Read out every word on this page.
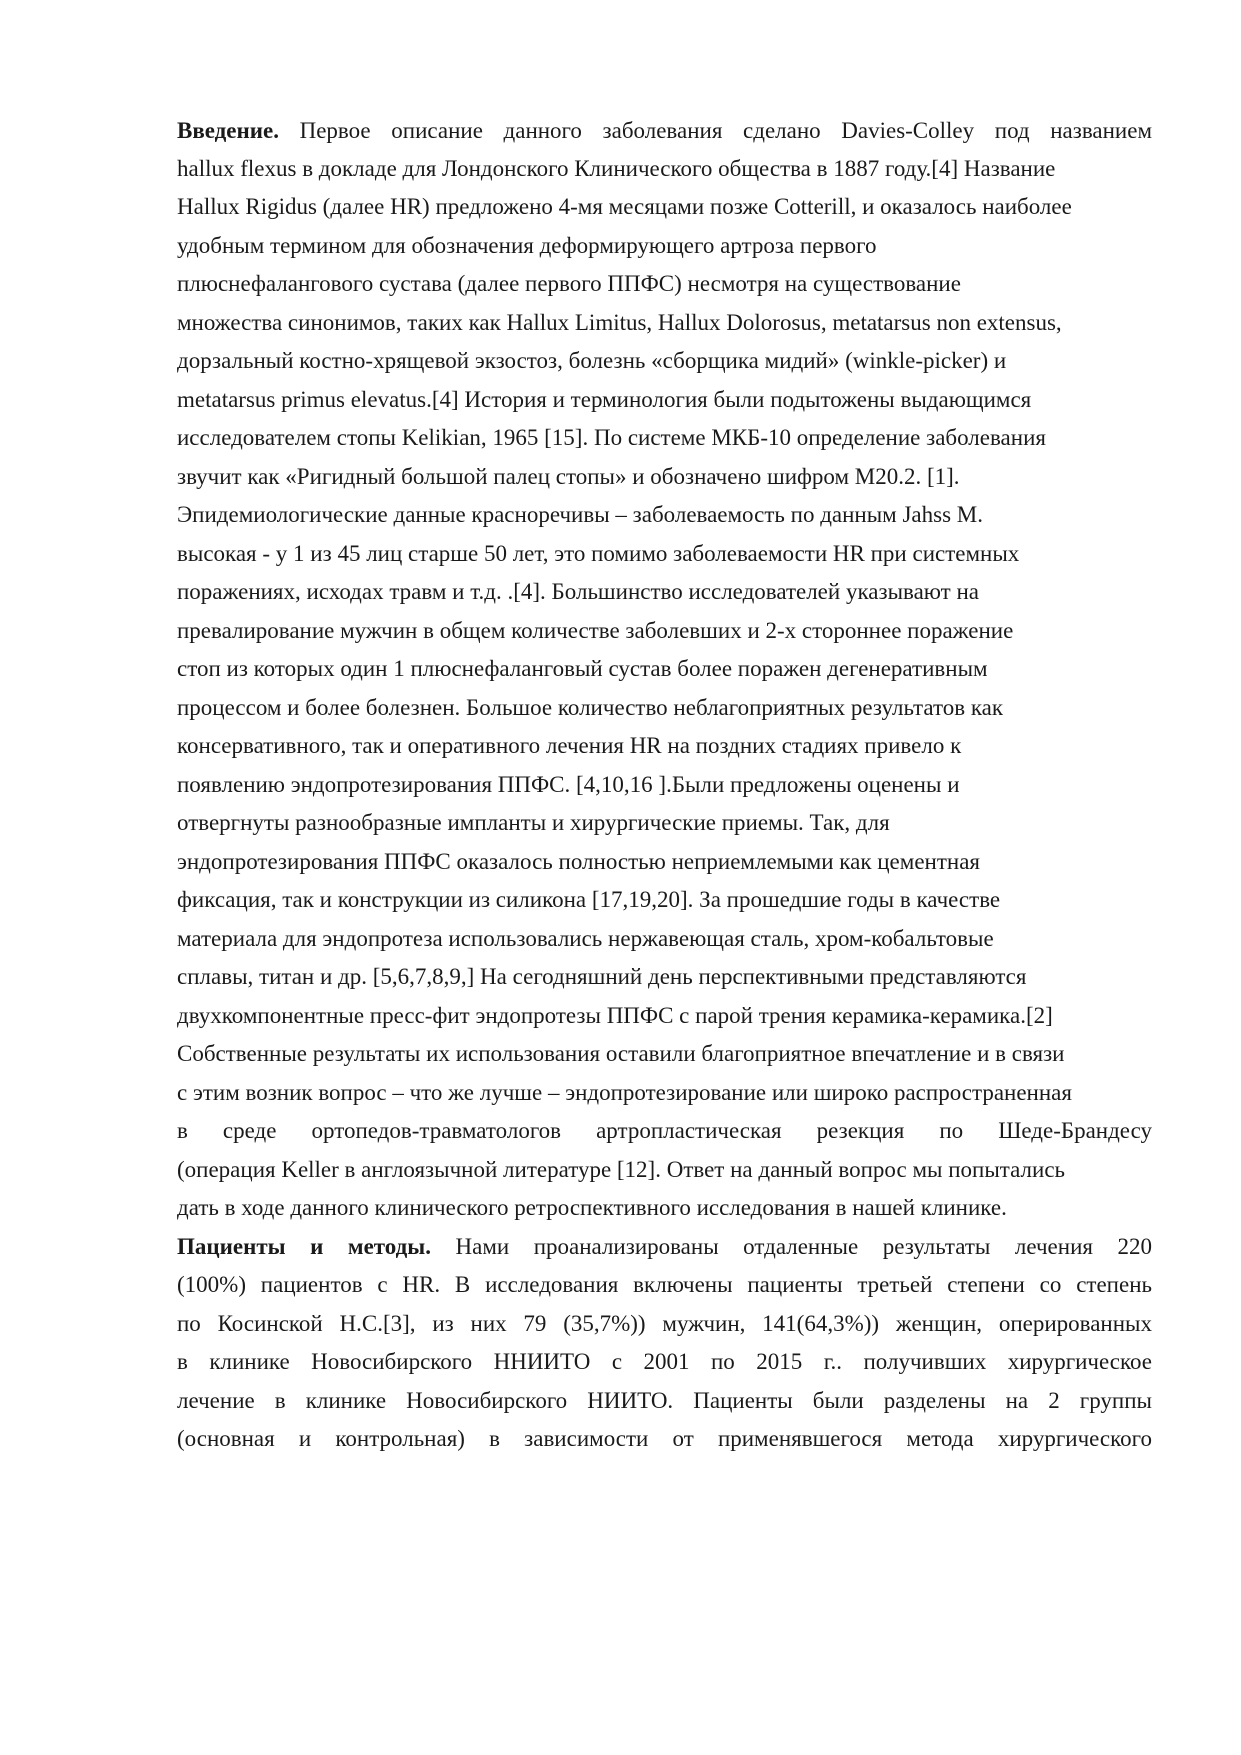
Введение. Первое описание данного заболевания сделано Davies-Colley под названием
hallux flexus в докладе для Лондонского Клинического общества в 1887 году.[4] Название
Hallux Rigidus (далее HR) предложено 4-мя месяцами позже Cotterill, и оказалось наиболее
удобным термином для обозначения деформирующего артроза первого
плюснефалангового сустава (далее первого ППФС) несмотря на существование
множества синонимов, таких как Hallux Limitus, Hallux Dolorosus, metatarsus non extensus,
дорзальный костно-хрящевой экзостоз, болезнь «сборщика мидий» (winkle-picker) и
metatarsus primus elevatus.[4] История и терминология были подытожены выдающимся
исследователем стопы Kelikian, 1965 [15]. По системе МКБ-10 определение заболевания
звучит как «Ригидный большой палец стопы» и обозначено шифром M20.2. [1].
Эпидемиологические данные красноречивы – заболеваемость по данным Jahss M.
высокая - у 1 из 45 лиц старше 50 лет, это помимо заболеваемости HR при системных
поражениях, исходах травм и т.д. .[4]. Большинство исследователей указывают на
превалирование мужчин в общем количестве заболевших и 2-х стороннее поражение
стоп из которых один 1 плюснефаланговый сустав более поражен дегенеративным
процессом и более болезнен. Большое количество неблагоприятных результатов как
консервативного, так и оперативного лечения HR на поздних стадиях привело к
появлению эндопротезирования ППФС. [4,10,16 ].Были предложены оценены и
отвергнуты разнообразные импланты и хирургические приемы. Так, для
эндопротезирования ППФС оказалось полностью неприемлемыми как цементная
фиксация, так и конструкции из силикона [17,19,20]. За прошедшие годы в качестве
материала для эндопротеза использовались нержавеющая сталь, хром-кобальтовые
сплавы, титан и др. [5,6,7,8,9,] На сегодняшний день перспективными представляются
двухкомпонентные пресс-фит эндопротезы ППФС с парой трения керамика-керамика.[2]
Собственные результаты их использования оставили благоприятное впечатление и в связи
с этим возник вопрос – что же лучше – эндопротезирование или широко распространенная
в среде ортопедов-травматологов артропластическая резекция по Шеде-Брандесу
(операция Keller в англоязычной литературе [12]. Ответ на данный вопрос мы попытались
дать в ходе данного клинического ретроспективного исследования в нашей клинике.
Пациенты и методы. Нами проанализированы отдаленные результаты лечения 220
(100%) пациентов с HR. В исследования включены пациенты третьей степени со степень
по Косинской Н.С.[3], из них 79 (35,7%)) мужчин, 141(64,3%)) женщин, оперированных
в клинике Новосибирского ННИИТО с 2001 по 2015 г.. получивших хирургическое
лечение в клинике Новосибирского НИИТО. Пациенты были разделены на 2 группы
(основная и контрольная) в зависимости от применявшегося метода хирургического
